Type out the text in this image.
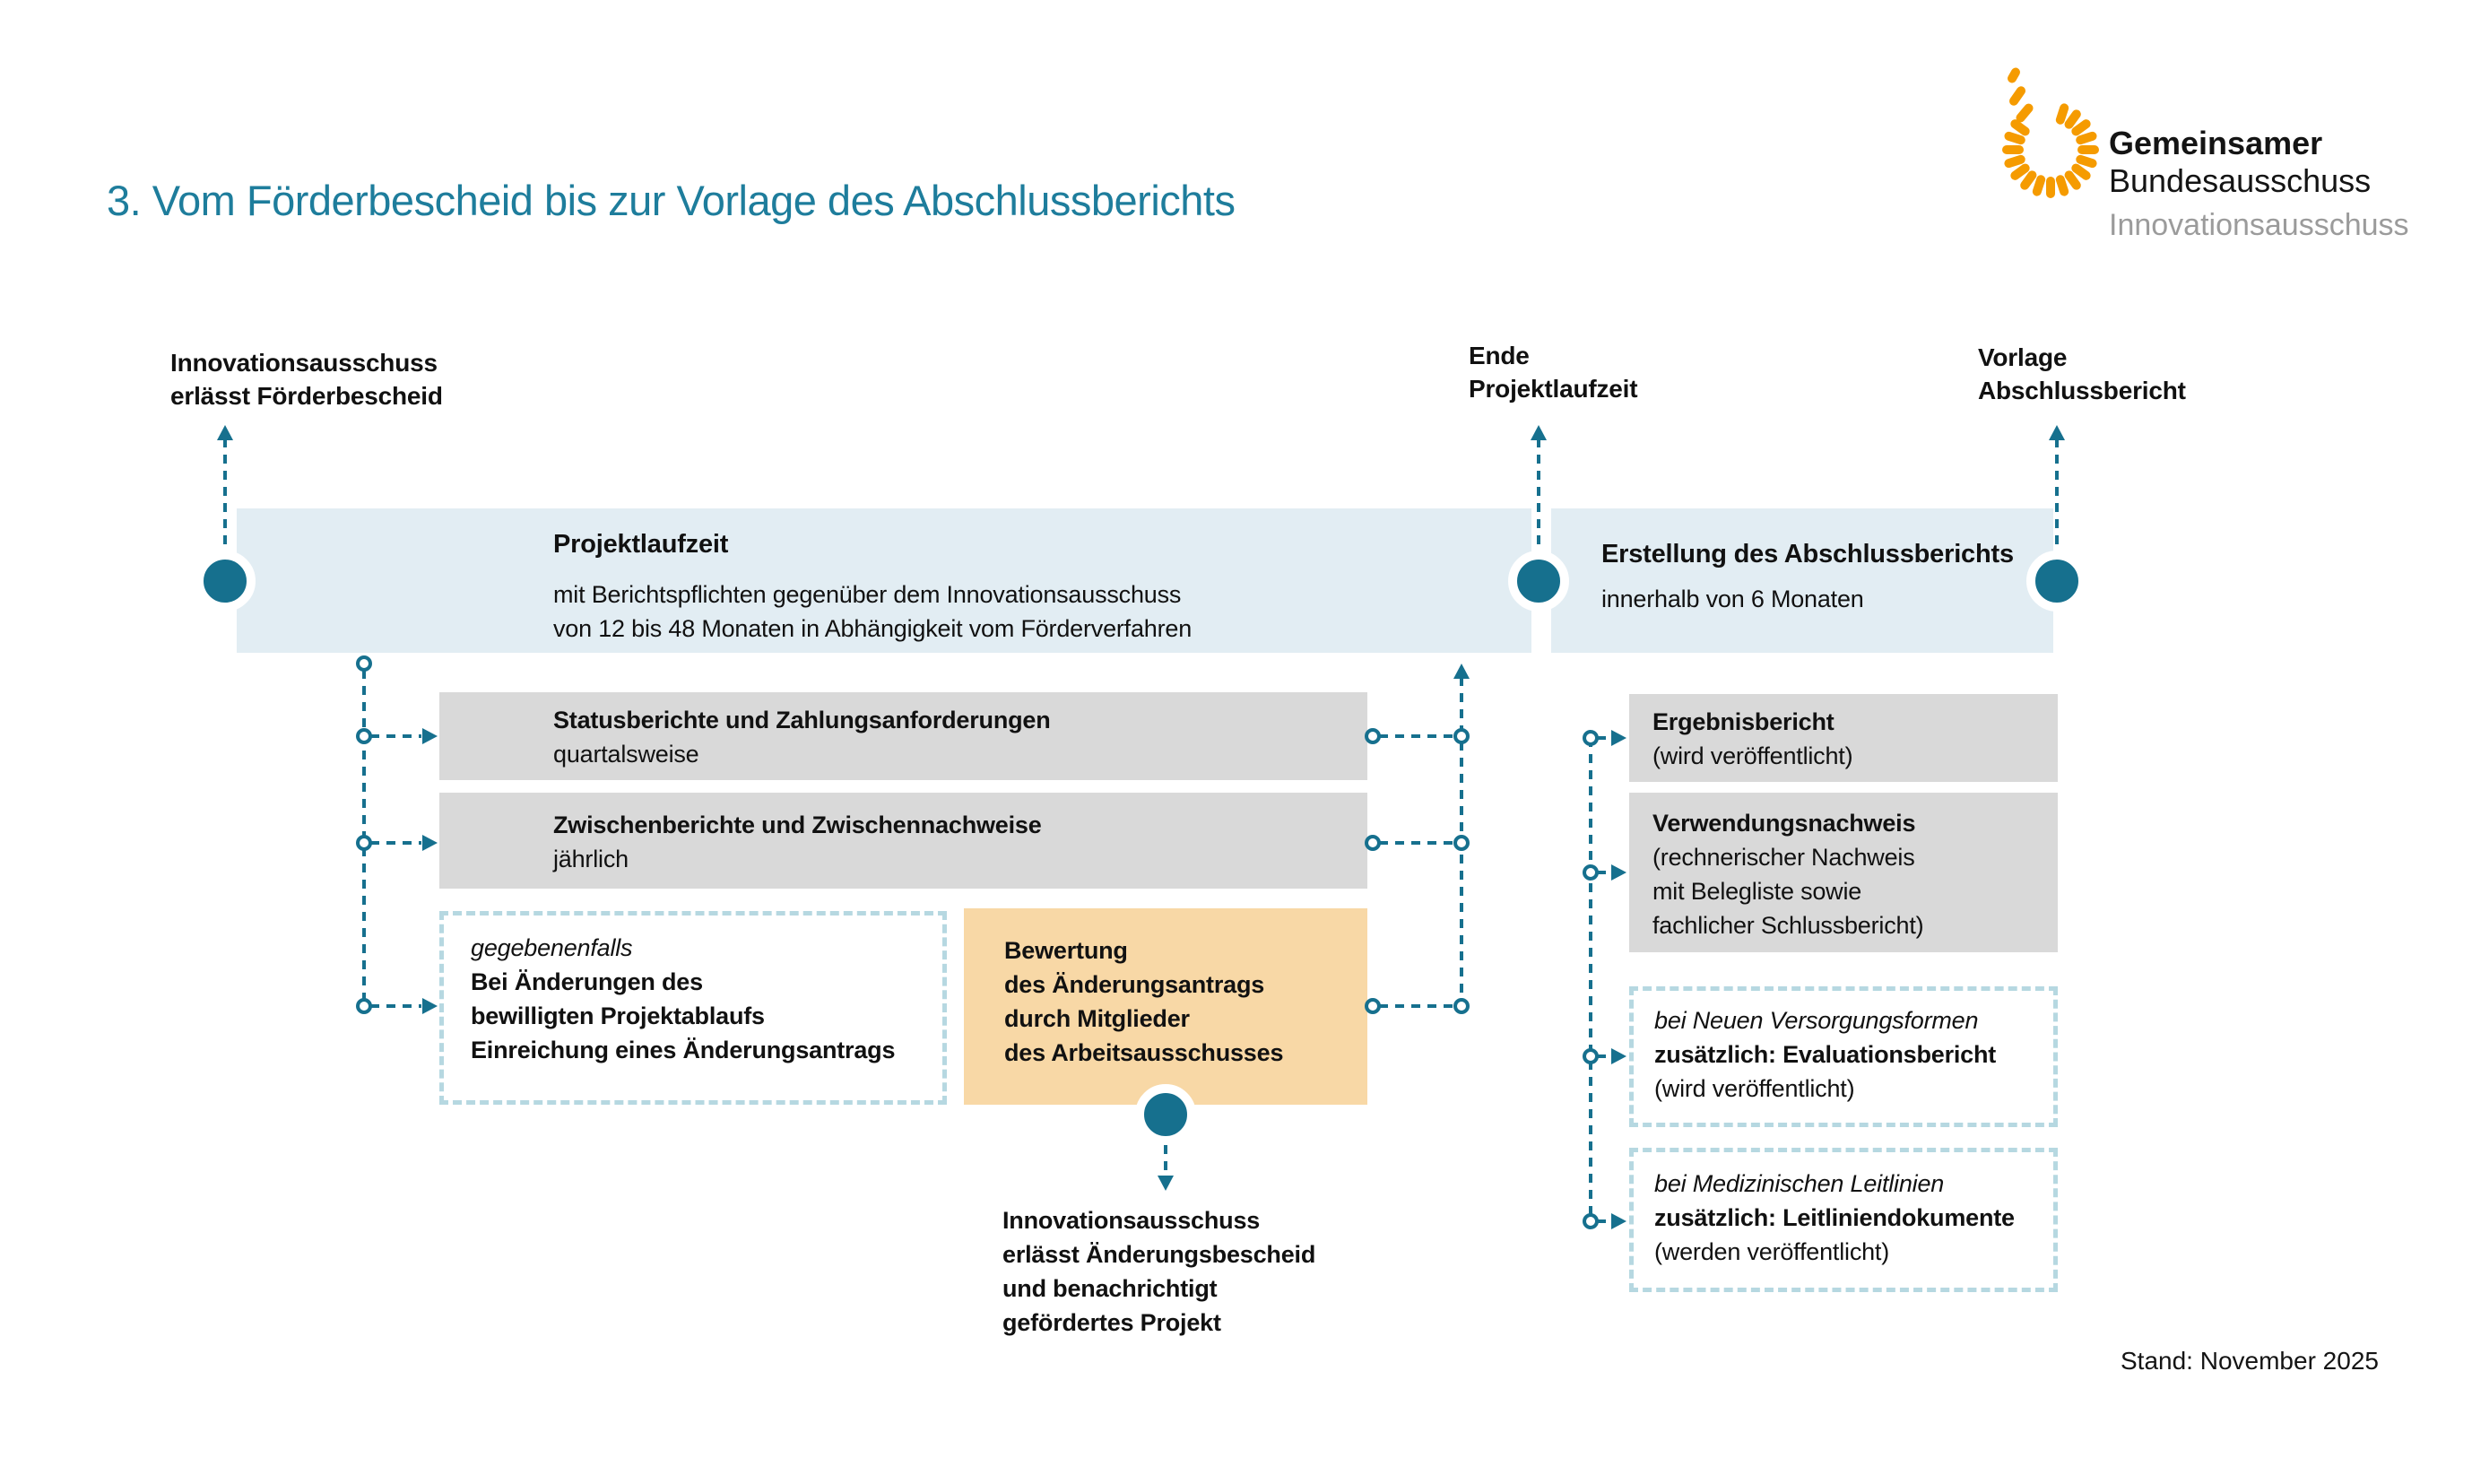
3. Vom Förderbescheid bis zur Vorlage des Abschlussberichts
Gemeinsamer
Bundesausschuss
Innovationsausschuss
Innovationsausschuss
erlässt Förderbescheid
Ende
Projektlaufzeit
Vorlage
Abschlussbericht
Projektlaufzeit
mit Berichtspflichten gegenüber dem Innovationsausschuss
von 12 bis 48 Monaten in Abhängigkeit vom Förderverfahren
Erstellung des Abschlussberichts
innerhalb von 6 Monaten
Statusberichte und Zahlungsanforderungen
quartalsweise
Zwischenberichte und Zwischennachweise
jährlich
gegebenenfalls
Bei Änderungen des
bewilligten Projektablaufs
Einreichung eines Änderungsantrags
Bewertung
des Änderungsantrags
durch Mitglieder
des Arbeitsausschusses
Innovationsausschuss
erlässt Änderungsbescheid
und benachrichtigt
gefördertes Projekt
Ergebnisbericht
(wird veröffentlicht)
Verwendungsnachweis
(rechnerischer Nachweis
mit Belegliste sowie
fachlicher Schlussbericht)
bei Neuen Versorgungsformen
zusätzlich: Evaluationsbericht
(wird veröffentlicht)
bei Medizinischen Leitlinien
zusätzlich: Leitliniendokumente
(werden veröffentlicht)
Stand: November 2025
